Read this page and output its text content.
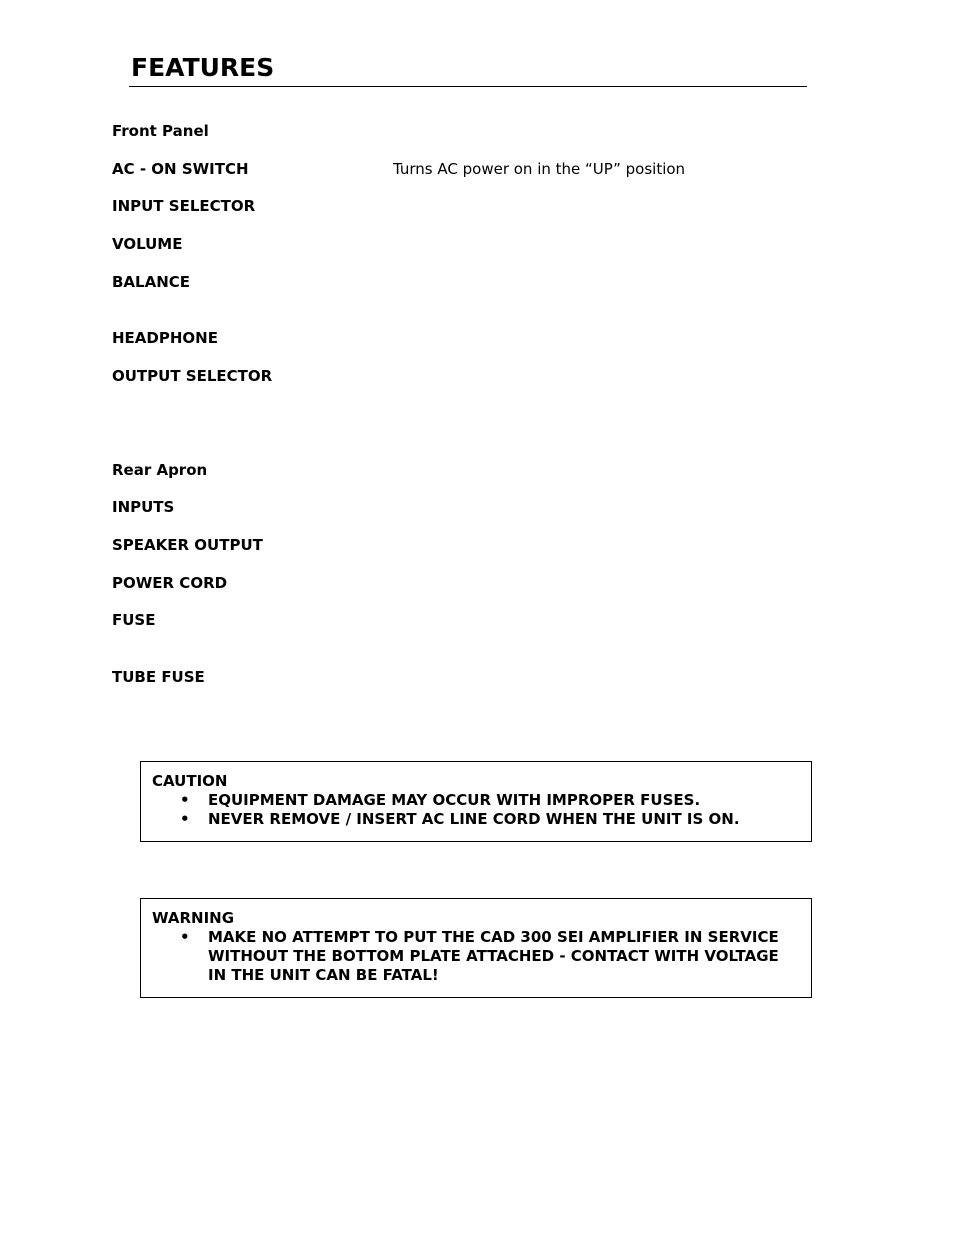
FEATURES
Front Panel
AC - ON SWITCH	Turns AC power on in the “UP” position
INPUT SELECTOR
VOLUME
BALANCE
HEADPHONE
OUTPUT SELECTOR
Rear Apron
INPUTS
SPEAKER OUTPUT
POWER CORD
FUSE
TUBE FUSE
CAUTION
• EQUIPMENT DAMAGE MAY OCCUR WITH IMPROPER FUSES.
• NEVER REMOVE / INSERT AC LINE CORD WHEN THE UNIT IS ON.
WARNING
• MAKE NO ATTEMPT TO PUT THE CAD 300 SEI AMPLIFIER IN SERVICE WITHOUT THE BOTTOM PLATE ATTACHED - CONTACT WITH VOLTAGE IN THE UNIT CAN BE FATAL!
